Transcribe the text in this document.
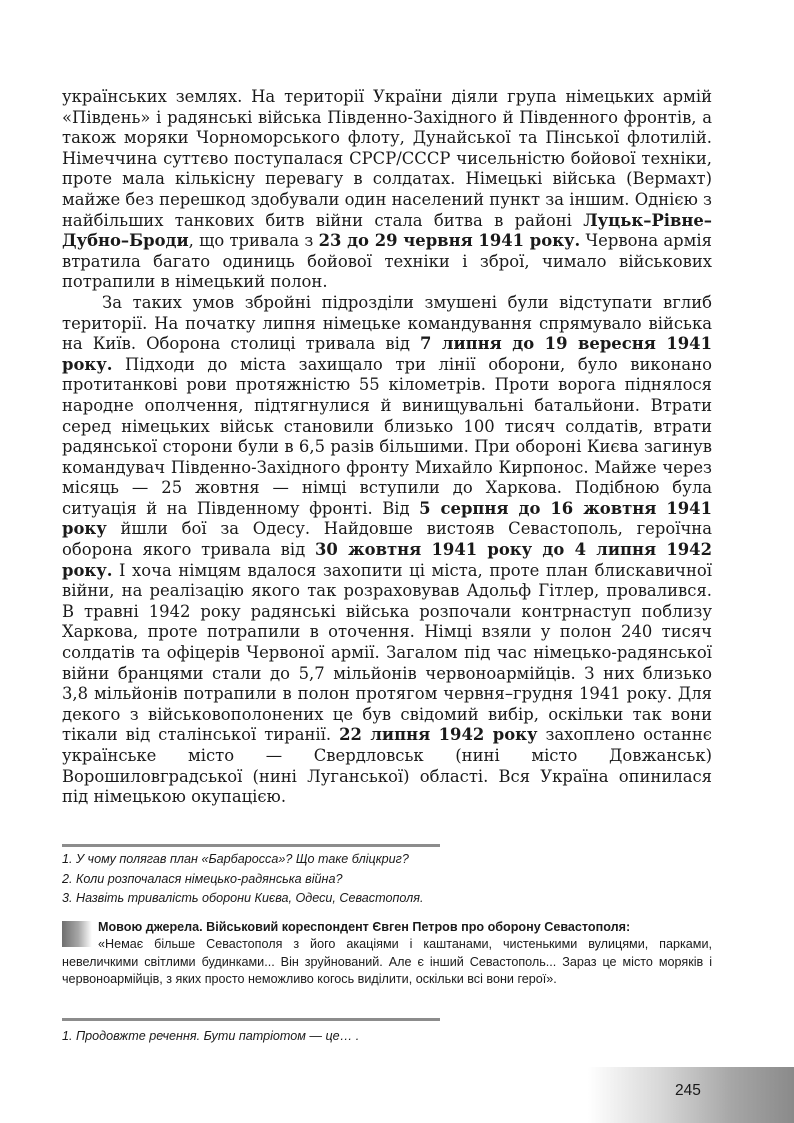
українських землях. На території України діяли група німецьких армій «Південь» і радянські війська Південно-Західного й Південного фронтів, а також моряки Чорноморського флоту, Дунайської та Пінської флотилій. Німеччина суттєво поступалася СРСР/СССР чисельністю бойової техніки, проте мала кількісну перевагу в солдатах. Німецькі війська (Вермахт) майже без перешкод здобували один населений пункт за іншим. Однією з найбільших танкових битв війни стала битва в районі Луцьк–Рівне–Дубно–Броди, що тривала з 23 до 29 червня 1941 року. Червона армія втратила багато одиниць бойової техніки і зброї, чимало військових потрапили в німецький полон.

За таких умов збройні підрозділи змушені були відступати вглиб території. На початку липня німецьке командування спрямувало війська на Київ. Оборона столиці тривала від 7 липня до 19 вересня 1941 року. Підходи до міста захищало три лінії оборони, було виконано протитанкові рови протяжністю 55 кілометрів. Проти ворога піднялося народне ополчення, підтягнулися й винищувальні батальйони. Втрати серед німецьких військ становили близько 100 тисяч солдатів, втрати радянської сторони були в 6,5 разів більшими. При обороні Києва загинув командувач Південно-Західного фронту Михайло Кирпонос. Майже через місяць — 25 жовтня — німці вступили до Харкова. Подібною була ситуація й на Південному фронті. Від 5 серпня до 16 жовтня 1941 року йшли бої за Одесу. Найдовше вистояв Севастополь, героїчна оборона якого тривала від 30 жовтня 1941 року до 4 липня 1942 року. І хоча німцям вдалося захопити ці міста, проте план блискавичної війни, на реалізацію якого так розраховував Адольф Гітлер, провалився. В травні 1942 року радянські війська розпочали контрнаступ поблизу Харкова, проте потрапили в оточення. Німці взяли у полон 240 тисяч солдатів та офіцерів Червоної армії. Загалом під час німецько-радянської війни бранцями стали до 5,7 мільйонів червоноармійців. З них близько 3,8 мільйонів потрапили в полон протягом червня–грудня 1941 року. Для декого з військовополонених це був свідомий вибір, оскільки так вони тікали від сталінської тиранії. 22 липня 1942 року захоплено останнє українське місто — Свердловськ (нині місто Довжанськ) Ворошиловградської (нині Луганської) області. Вся Україна опинилася під німецькою окупацією.

1. У чому полягав план «Барбаросса»? Що таке бліцкриг?
2. Коли розпочалася німецько-радянська війна?
3. Назвіть тривалість оборони Києва, Одеси, Севастополя.
Мовою джерела. Військовий кореспондент Євген Петров про оборону Севастополя:
«Немає більше Севастополя з його акаціями і каштанами, чистенькими вулицями, парками, невеличкими світлими будинками... Він зруйнований. Але є інший Севастополь... Зараз це місто моряків і червоноармійців, з яких просто неможливо когось виділити, оскільки всі вони герої».
1. Продовжте речення. Бути патріотом — це… .
245
